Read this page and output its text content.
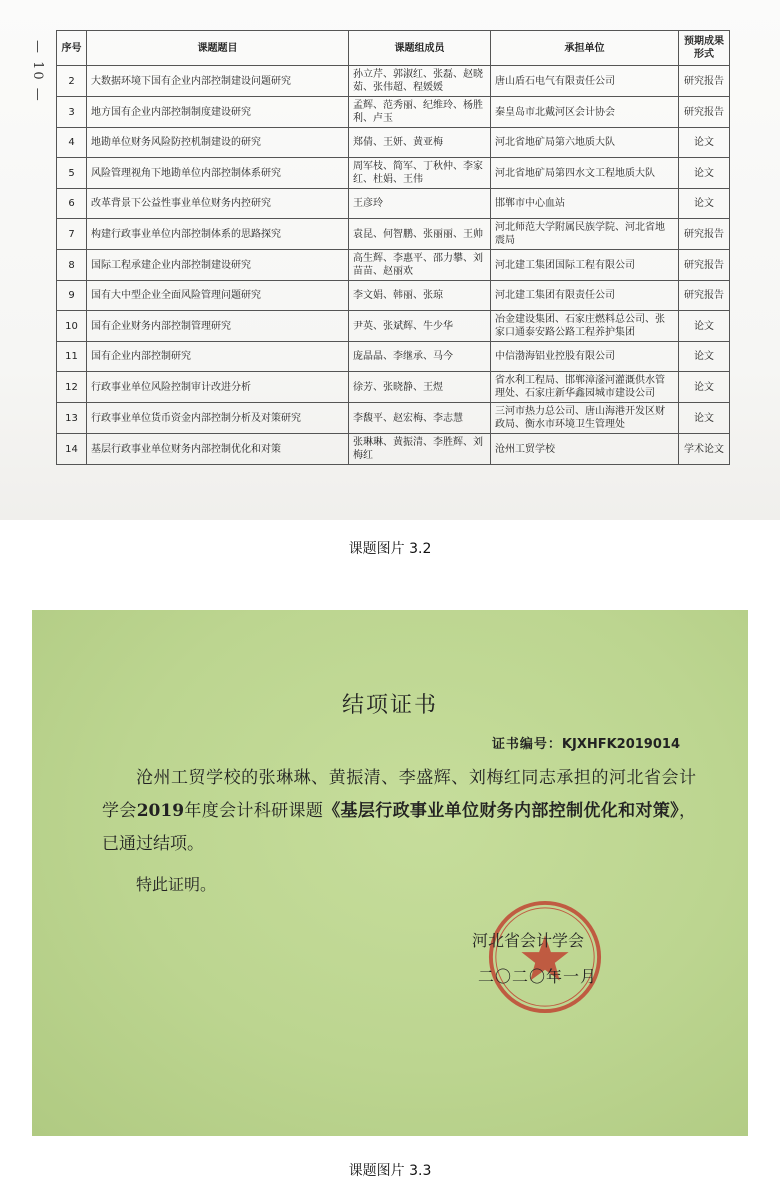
— 10 — 序号	课题题目	课题组成员	承担单位	预期成果形式
2	大数据环境下国有企业内部控制建设问题研究	孙立芹、郭淑红、张磊、赵晓茹、张伟超、程媛媛	唐山盾石电气有限责任公司	研究报告
3	地方国有企业内部控制制度建设研究	孟辉、范秀丽、纪维玲、杨胜利、卢玉	秦皇岛市北戴河区会计协会	研究报告
4	地勘单位财务风险防控机制建设的研究	郑倩、王妍、黄亚梅	河北省地矿局第六地质大队	论文
5	风险管理视角下地勘单位内部控制体系研究	周军枝、简军、丁秋仲、李家红、杜娟、王伟	河北省地矿局第四水文工程地质大队	论文
6	改革背景下公益性事业单位财务内控研究	王彦玲	邯郸市中心血站	论文
7	构建行政事业单位内部控制体系的思路探究	袁昆、何智鹏、张丽丽、王帅	河北师范大学附属民族学院、河北省地震局	研究报告
8	国际工程承建企业内部控制建设研究	高生辉、李惠平、邵力攀、刘苗苗、赵丽欢	河北建工集团国际工程有限公司	研究报告
9	国有大中型企业全面风险管理问题研究	李文娟、韩丽、张琼	河北建工集团有限责任公司	研究报告
10	国有企业财务内部控制管理研究	尹英、张斌辉、牛少华	冶金建设集团、石家庄燃料总公司、张家口通泰安路公路工程养护集团	论文
11	国有企业内部控制研究	庞晶晶、李继承、马今	中信渤海铝业控股有限公司	论文
12	行政事业单位风险控制审计改进分析	徐芳、张晓静、王煜	省水利工程局、邯郸漳滏河灌溉供水管理处、石家庄新华鑫园城市建设公司	论文
13	行政事业单位货币资金内部控制分析及对策研究	李馥平、赵宏梅、李志慧	三河市热力总公司、唐山海港开发区财政局、衡水市环境卫生管理处	论文
14	基层行政事业单位财务内部控制优化和对策	张琳琳、黄振清、李胜辉、刘梅红	沧州工贸学校	学术论文
课题图片 3.2
结项证书
证书编号：KJXHFK2019014
沧州工贸学校的张琳琳、黄振清、李盛辉、刘梅红同志承担的河北省会计学会2019年度会计科研课题《基层行政事业单位财务内部控制优化和对策》，已通过结项。
特此证明。
河北省会计学会
二〇二〇年一月
课题图片 3.3
